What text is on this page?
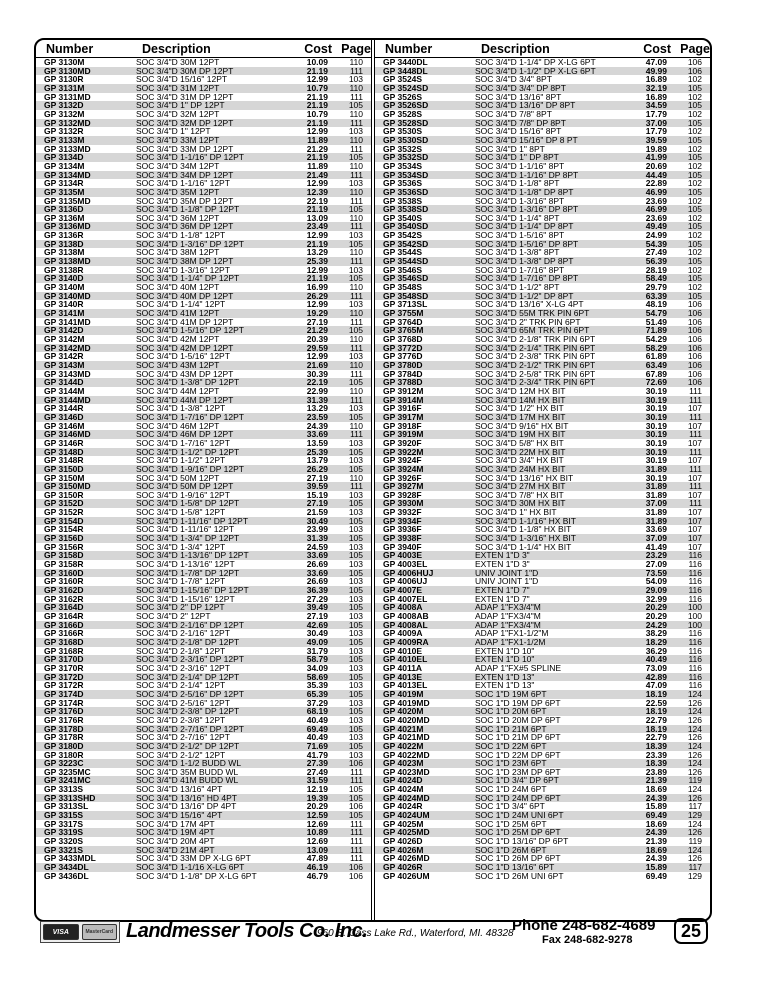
Number	Description	Cost Page
GP 3130M	SOC 3/4"D 30M 12PT	10.09	110
GP 3130MD	SOC 3/4"D 30M DP 12PT	21.19	111
GP 3130R	SOC 3/4"D 15/16" 12PT	12.99	103
GP 3131M	SOC 3/4"D 31M 12PT	10.79	110
GP 3131MD	SOC 3/4"D 31M DP 12PT	21.19	111
GP 3132D	SOC 3/4"D 1" DP 12PT	21.19	105
GP 3132M	SOC 3/4"D 32M 12PT	10.79	110
GP 3132MD	SOC 3/4"D 32M DP 12PT	21.19	111
GP 3132R	SOC 3/4"D 1" 12PT	12.99	103
GP 3133M	SOC 3/4"D 33M 12PT	11.89	110
GP 3133MD	SOC 3/4"D 33M DP 12PT	21.29	111
GP 3134D	SOC 3/4"D 1-1/16" DP 12PT	21.19	105
GP 3134M	SOC 3/4"D 34M 12PT	11.89	110
GP 3134MD	SOC 3/4"D 34M DP 12PT	21.49	111
GP 3134R	SOC 3/4"D 1-1/16" 12PT	12.99	103
GP 3135M	SOC 3/4"D 35M 12PT	12.39	110
GP 3135MD	SOC 3/4"D 35M DP 12PT	22.19	111
GP 3136D	SOC 3/4"D 1-1/8" DP 12PT	21.19	105
GP 3136M	SOC 3/4"D 36M 12PT	13.09	110
GP 3136MD	SOC 3/4"D 36M DP 12PT	23.49	111
GP 3136R	SOC 3/4"D 1-1/8" 12PT	12.99	103
GP 3138D	SOC 3/4"D 1-3/16" DP 12PT	21.19	105
GP 3138M	SOC 3/4"D 38M 12PT	13.29	110
GP 3138MD	SOC 3/4"D 38M DP 12PT	25.39	111
GP 3138R	SOC 3/4"D 1-3/16" 12PT	12.99	103
GP 3140D	SOC 3/4"D 1-1/4" DP 12PT	21.19	105
GP 3140M	SOC 3/4"D 40M 12PT	16.99	110
GP 3140MD	SOC 3/4"D 40M DP 12PT	26.29	111
GP 3140R	SOC 3/4"D 1-1/4" 12PT	12.99	103
GP 3141M	SOC 3/4"D 41M 12PT	19.29	110
GP 3141MD	SOC 3/4"D 41M DP 12PT	27.19	111
GP 3142D	SOC 3/4"D 1-5/16" DP 12PT	21.29	105
GP 3142M	SOC 3/4"D 42M 12PT	20.39	110
GP 3142MD	SOC 3/4"D 42M DP 12PT	29.59	111
GP 3142R	SOC 3/4"D 1-5/16" 12PT	12.99	103
GP 3143M	SOC 3/4"D 43M 12PT	21.69	110
GP 3143MD	SOC 3/4"D 43M DP 12PT	30.39	111
GP 3144D	SOC 3/4"D 1-3/8" DP 12PT	22.19	105
GP 3144M	SOC 3/4"D 44M 12PT	22.99	110
GP 3144MD	SOC 3/4"D 44M DP 12PT	31.39	111
GP 3144R	SOC 3/4"D 1-3/8" 12PT	13.29	103
GP 3146D	SOC 3/4"D 1-7/16" DP 12PT	23.59	105
GP 3146M	SOC 3/4"D 46M 12PT	24.39	110
GP 3146MD	SOC 3/4"D 46M DP 12PT	33.69	111
GP 3146R	SOC 3/4"D 1-7/16" 12PT	13.59	103
GP 3148D	SOC 3/4"D 1-1/2" DP 12PT	25.39	105
GP 3148R	SOC 3/4"D 1-1/2" 12PT	13.79	103
GP 3150D	SOC 3/4"D 1-9/16" DP 12PT	26.29	105
GP 3150M	SOC 3/4"D 50M 12PT	27.19	110
GP 3150MD	SOC 3/4"D 50M DP 12PT	39.59	111
GP 3150R	SOC 3/4"D 1-9/16" 12PT	15.19	103
GP 3152D	SOC 3/4"D 1-5/8" DP 12PT	27.19	105
GP 3152R	SOC 3/4"D 1-5/8" 12PT	21.59	103
GP 3154D	SOC 3/4"D 1-11/16" DP 12PT	30.49	105
GP 3154R	SOC 3/4"D 1-11/16" 12PT	23.99	103
GP 3156D	SOC 3/4"D 1-3/4" DP 12PT	31.39	105
GP 3156R	SOC 3/4"D 1-3/4" 12PT	24.59	103
GP 3158D	SOC 3/4"D 1-13/16" DP 12PT	33.69	105
GP 3158R	SOC 3/4"D 1-13/16" 12PT	26.69	103
GP 3160D	SOC 3/4"D 1-7/8" DP 12PT	33.69	105
GP 3160R	SOC 3/4"D 1-7/8" 12PT	26.69	103
GP 3162D	SOC 3/4"D 1-15/16" DP 12PT	36.39	105
GP 3162R	SOC 3/4"D 1-15/16" 12PT	27.29	103
GP 3164D	SOC 3/4"D 2" DP 12PT	39.49	105
GP 3164R	SOC 3/4"D 2" 12PT	27.19	103
GP 3166D	SOC 3/4"D 2-1/16" DP 12PT	42.69	105
GP 3166R	SOC 3/4"D 2-1/16" 12PT	30.49	103
GP 3168D	SOC 3/4"D 2-1/8" DP 12PT	49.09	105
GP 3168R	SOC 3/4"D 2-1/8" 12PT	31.79	103
GP 3170D	SOC 3/4"D 2-3/16" DP 12PT	58.79	105
GP 3170R	SOC 3/4"D 2-3/16" 12PT	34.09	103
GP 3172D	SOC 3/4"D 2-1/4" DP 12PT	58.69	105
GP 3172R	SOC 3/4"D 2-1/4" 12PT	35.39	103
GP 3174D	SOC 3/4"D 2-5/16" DP 12PT	65.39	105
GP 3174R	SOC 3/4"D 2-5/16" 12PT	37.29	103
GP 3176D	SOC 3/4"D 2-3/8" DP 12PT	68.19	105
GP 3176R	SOC 3/4"D 2-3/8" 12PT	40.49	103
GP 3178D	SOC 3/4"D 2-7/16" DP 12PT	69.49	105
GP 3178R	SOC 3/4"D 2-7/16" 12PT	40.49	103
GP 3180D	SOC 3/4"D 2-1/2" DP 12PT	71.69	105
GP 3180R	SOC 3/4"D 2-1/2" 12PT	41.79	103
GP 3223C	SOC 3/4"D 1-1/2 BUDD WL	27.39	106
GP 3235MC	SOC 3/4"D 35M BUDD WL	27.49	111
GP 3241MC	SOC 3/4"D 41M BUDD WL	31.59	111
GP 3313S	SOC 3/4"D 13/16" 4PT	12.19	105
GP 3313SHD	SOC 3/4"D 13/16" HD 4PT	19.39	105
GP 3313SL	SOC 3/4"D 13/16" DP 4PT	20.29	106
GP 3315S	SOC 3/4"D 15/16" 4PT	12.59	105
GP 3317S	SOC 3/4"D 17M 4PT	12.69	111
GP 3319S	SOC 3/4"D 19M 4PT	10.89	111
GP 3320S	SOC 3/4"D 20M 4PT	12.69	111
GP 3321S	SOC 3/4"D 21M 4PT	13.09	111
GP 3433MDL	SOC 3/4"D 33M DP X-LG 6PT	47.89	111
GP 3434DL	SOC 3/4"D 1-1/16 X-LG 6PT	46.19	106
GP 3436DL	SOC 3/4"D 1-1/8" DP X-LG 6PT	46.79	106
Number	Description	Cost Page
GP 3440DL	SOC 3/4"D 1-1/4" DP X-LG 6PT	47.09	106
GP 3448DL	SOC 3/4"D 1-1/2" DP X-LG 6PT	49.99	106
GP 3524S	SOC 3/4"D 3/4" 8PT	16.89	102
GP 3524SD	SOC 3/4"D 3/4" DP 8PT	32.19	105
GP 3526S	SOC 3/4"D 13/16" 8PT	16.89	102
GP 3526SD	SOC 3/4"D 13/16" DP 8PT	34.59	105
GP 3528S	SOC 3/4"D 7/8" 8PT	17.79	102
GP 3528SD	SOC 3/4"D 7/8" DP 8PT	37.09	105
GP 3530S	SOC 3/4"D 15/16" 8PT	17.79	102
GP 3530SD	SOC 3/4"D 15/16" DP 8 PT	39.59	105
GP 3532S	SOC 3/4"D 1" 8PT	19.89	102
GP 3532SD	SOC 3/4"D 1" DP 8PT	41.99	105
GP 3534S	SOC 3/4"D 1-1/16" 8PT	20.69	102
GP 3534SD	SOC 3/4"D 1-1/16" DP 8PT	44.49	105
GP 3536S	SOC 3/4"D 1-1/8" 8PT	22.89	102
GP 3536SD	SOC 3/4"D 1-1/8" DP 8PT	46.99	105
GP 3538S	SOC 3/4"D 1-3/16" 8PT	23.69	102
GP 3538SD	SOC 3/4"D 1-3/16" DP 8PT	46.99	105
GP 3540S	SOC 3/4"D 1-1/4" 8PT	23.69	102
GP 3540SD	SOC 3/4"D 1-1/4" DP 8PT	49.49	105
GP 3542S	SOC 3/4"D 1-5/16" 8PT	24.99	102
GP 3542SD	SOC 3/4"D 1-5/16" DP 8PT	54.39	105
GP 3544S	SOC 3/4"D 1-3/8" 8PT	27.49	102
GP 3544SD	SOC 3/4"D 1-3/8" DP 8PT	56.39	105
GP 3546S	SOC 3/4"D 1-7/16" 8PT	28.19	102
GP 3546SD	SOC 3/4"D 1-7/16" DP 8PT	58.49	105
GP 3548S	SOC 3/4"D 1-1/2" 8PT	29.79	102
GP 3548SD	SOC 3/4"D 1-1/2" DP 8PT	63.39	105
GP 3713SL	SOC 3/4"D 13/16" X-LG 4PT	48.19	106
GP 3755M	SOC 3/4"D 55M TRK PIN 6PT	54.79	106
GP 3764D	SOC 3/4"D 2" TRK PIN 6PT	51.49	106
GP 3765M	SOC 3/4"D 65M TRK PIN 6PT	71.89	106
GP 3768D	SOC 3/4"D 2-1/8" TRK PIN 6PT	54.29	106
GP 3772D	SOC 3/4"D 2-1/4" TRK PIN 6PT	58.29	106
GP 3776D	SOC 3/4"D 2-3/8" TRK PIN 6PT	61.89	106
GP 3780D	SOC 3/4"D 2-1/2" TRK PIN 6PT	63.49	106
GP 3784D	SOC 3/4"D 2-5/8" TRK PIN 6PT	67.89	106
GP 3788D	SOC 3/4"D 2-3/4" TRK PIN 6PT	72.69	106
GP 3912M	SOC 3/4"D 12M HX BIT	30.19	111
GP 3914M	SOC 3/4"D 14M HX BIT	30.19	111
GP 3916F	SOC 3/4"D 1/2" HX BIT	30.19	107
GP 3917M	SOC 3/4"D 17M HX BIT	30.19	111
GP 3918F	SOC 3/4"D 9/16" HX BIT	30.19	107
GP 3919M	SOC 3/4"D 19M HX BIT	30.19	111
GP 3920F	SOC 3/4"D 5/8" HX BIT	30.19	107
GP 3922M	SOC 3/4"D 22M HX BIT	30.19	111
GP 3924F	SOC 3/4"D 3/4" HX BIT	30.19	107
GP 3924M	SOC 3/4"D 24M HX BIT	31.89	111
GP 3926F	SOC 3/4"D 13/16" HX BIT	30.19	107
GP 3927M	SOC 3/4"D 27M HX BIT	31.89	111
GP 3928F	SOC 3/4"D 7/8" HX BIT	31.89	107
GP 3930M	SOC 3/4"D 30M HX BIT	37.09	111
GP 3932F	SOC 3/4"D 1" HX BIT	31.89	107
GP 3934F	SOC 3/4"D 1-1/16" HX BIT	31.89	107
GP 3936F	SOC 3/4"D 1-1/8" HX BIT	33.69	107
GP 3938F	SOC 3/4"D 1-3/16" HX BIT	37.09	107
GP 3940F	SOC 3/4"D 1-1/4" HX BIT	41.49	107
GP 4003E	EXTEN 1"D 3"	23.29	116
GP 4003EL	EXTEN 1"D 3"	27.09	116
GP 4006HUJ	UNIV JOINT 1"D	73.59	116
GP 4006UJ	UNIV JOINT 1"D	54.09	116
GP 4007E	EXTEN 1"D 7"	29.09	116
GP 4007EL	EXTEN 1"D 7"	32.99	116
GP 4008A	ADAP 1"FX3/4"M	20.29	100
GP 4008AB	ADAP 1"FX3/4"M	20.29	100
GP 4008AL	ADAP 1"FX3/4"M	24.29	100
GP 4009A	ADAP 1"FX1-1/2"M	38.29	116
GP 4009RA	ADAP 1"FX1-1/2M	18.29	116
GP 4010E	EXTEN 1"D 10"	36.29	116
GP 4010EL	EXTEN 1"D 10"	40.49	116
GP 4011A	ADAP 1"FX#5 SPLINE	73.09	116
GP 4013E	EXTEN 1"D 13"	42.89	116
GP 4013EL	EXTEN 1"D 13"	47.09	116
GP 4019M	SOC 1"D 19M 6PT	18.19	124
GP 4019MD	SOC 1"D 19M DP 6PT	22.59	126
GP 4020M	SOC 1"D 20M 6PT	18.19	124
GP 4020MD	SOC 1"D 20M DP 6PT	22.79	126
GP 4021M	SOC 1"D 21M 6PT	18.19	124
GP 4021MD	SOC 1"D 21M DP 6PT	22.79	126
GP 4022M	SOC 1"D 22M 6PT	18.39	124
GP 4022MD	SOC 1"D 22M DP 6PT	23.39	126
GP 4023M	SOC 1"D 23M 6PT	18.39	124
GP 4023MD	SOC 1"D 23M DP 6PT	23.89	126
GP 4024D	SOC 1"D 3/4" DP 6PT	21.39	119
GP 4024M	SOC 1"D 24M 6PT	18.69	124
GP 4024MD	SOC 1"D 24M DP 6PT	24.39	126
GP 4024R	SOC 1"D 3/4" 6PT	15.89	117
GP 4024UM	SOC 1"D 24M UNI 6PT	69.49	129
GP 4025M	SOC 1"D 25M 6PT	18.69	124
GP 4025MD	SOC 1"D 25M DP 6PT	24.39	126
GP 4026D	SOC 1"D 13/16" DP 6PT	21.39	119
GP 4026M	SOC 1"D 26M 6PT	18.69	124
GP 4026MD	SOC 1"D 26M DP 6PT	24.39	126
GP 4026R	SOC 1"D 13/16" 6PT	15.89	117
GP 4026UM	SOC 1"D 26M UNI 6PT	69.49	129
VISA	MasterCard Landmesser Tools Co. Inc.
960 S. Cass Lake Rd., Waterford, MI. 48328
Phone 248-682-4689
Fax 248-682-9278	25
